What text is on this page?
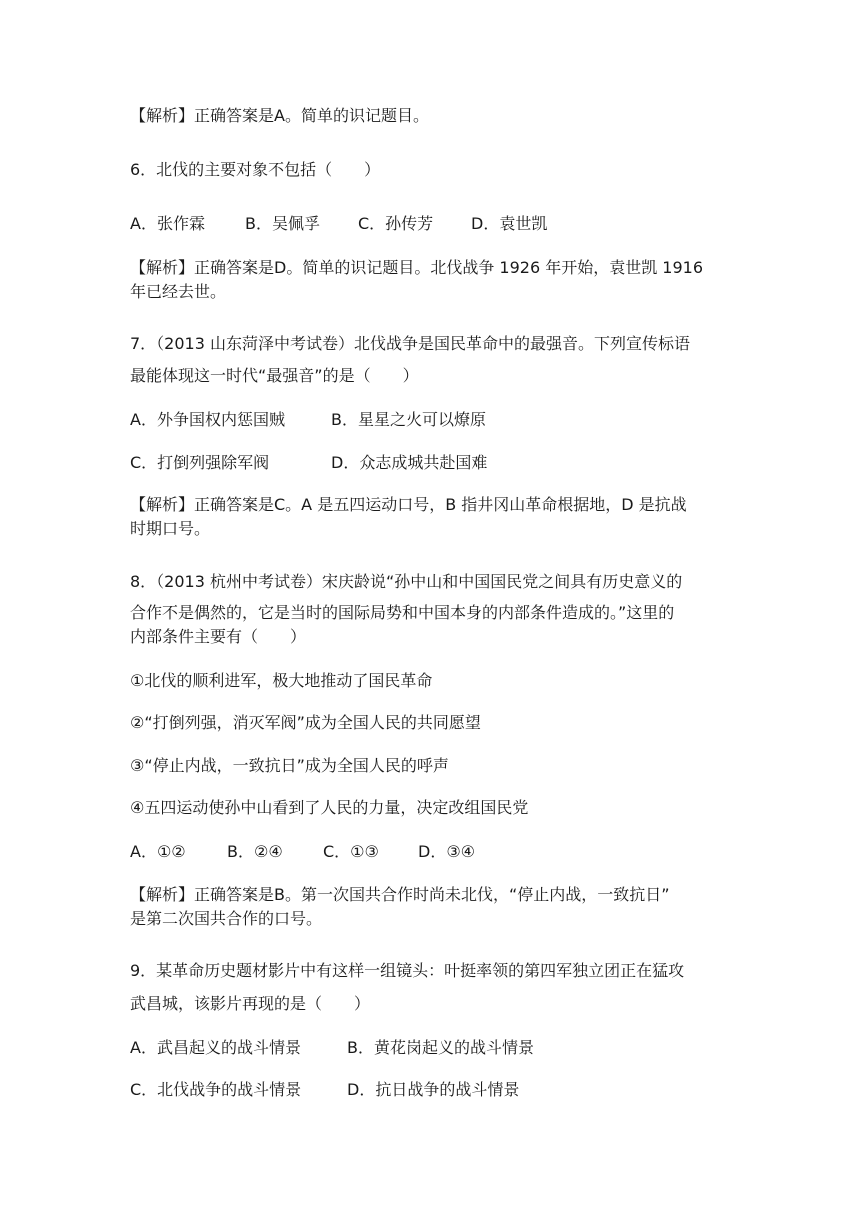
【解析】正确答案是A。简单的识记题目。
6．北伐的主要对象不包括（　　）
A．张作霖	B．吴佩孚 C．孙传芳 D．袁世凯
【解析】正确答案是D。简单的识记题目。北伐战争 1926 年开始，袁世凯 1916
年已经去世。
7．（2013 山东菏泽中考试卷）北伐战争是国民革命中的最强音。下列宣传标语
最能体现这一时代“最强音”的是（　　）
A．外争国权内惩国贼	B．星星之火可以燎原
C．打倒列强除军阀	D．众志成城共赴国难
【解析】正确答案是C。A 是五四运动口号，B 指井冈山革命根据地，D 是抗战
时期口号。
8．（2013 杭州中考试卷）宋庆龄说“孙中山和中国国民党之间具有历史意义的
合作不是偶然的，它是当时的国际局势和中国本身的内部条件造成的。”这里的
内部条件主要有（　　）
①北伐的顺利进军，极大地推动了国民革命
②“打倒列强，消灭军阀”成为全国人民的共同愿望
③“停止内战，一致抗日”成为全国人民的呼声
④五四运动使孙中山看到了人民的力量，决定改组国民党
A．①②	B．②④	C．①③ D．③④
【解析】正确答案是B。第一次国共合作时尚未北伐，“停止内战，一致抗日”
是第二次国共合作的口号。
9．某革命历史题材影片中有这样一组镜头：叶挺率领的第四军独立团正在猛攻
武昌城，该影片再现的是（　　）
A．武昌起义的战斗情景	B．黄花岗起义的战斗情景
C．北伐战争的战斗情景	D．抗日战争的战斗情景
